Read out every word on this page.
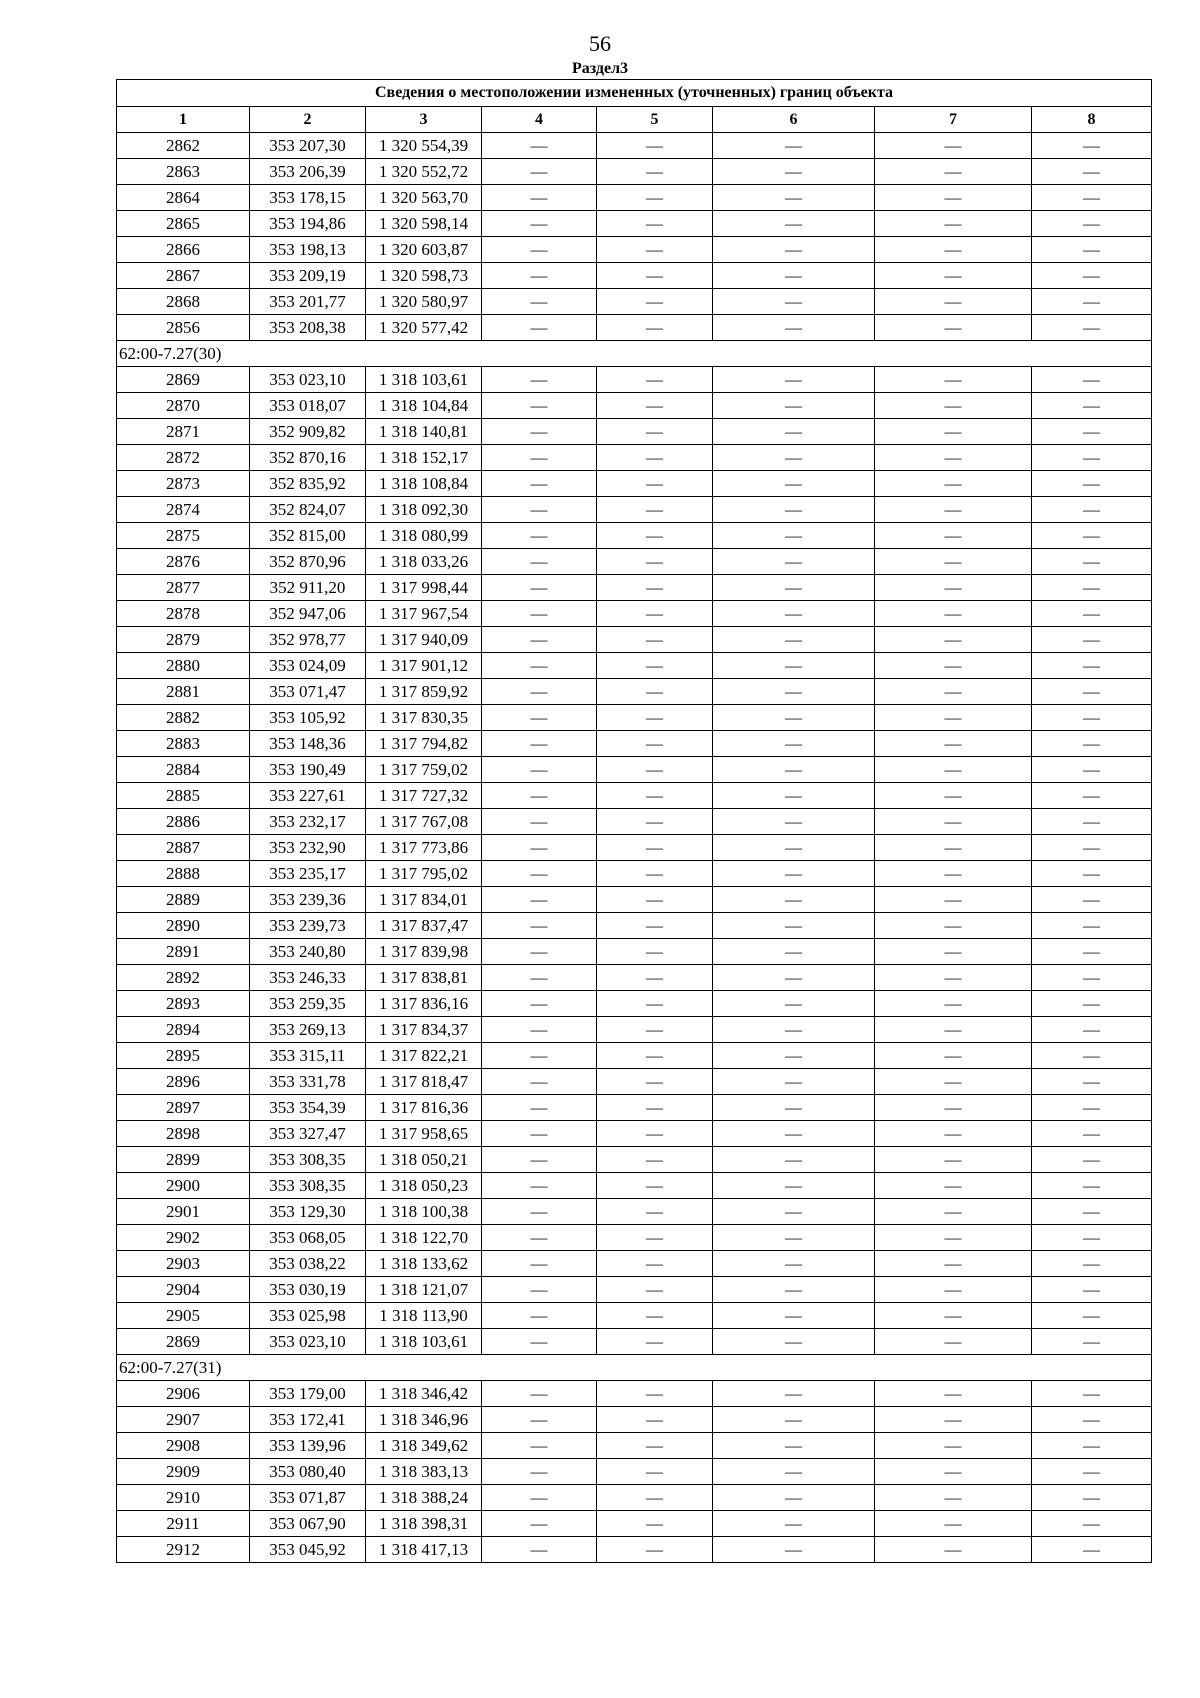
56
Раздел3
Сведения о местоположении измененных (уточненных) границ объекта							
1	2	3	4	5	6	7	8
2862	353 207,30	1 320 554,39	—	—	—	—	—
2863	353 206,39	1 320 552,72	—	—	—	—	—
2864	353 178,15	1 320 563,70	—	—	—	—	—
2865	353 194,86	1 320 598,14	—	—	—	—	—
2866	353 198,13	1 320 603,87	—	—	—	—	—
2867	353 209,19	1 320 598,73	—	—	—	—	—
2868	353 201,77	1 320 580,97	—	—	—	—	—
2856	353 208,38	1 320 577,42	—	—	—	—	—
62:00-7.27(30)							
2869	353 023,10	1 318 103,61	—	—	—	—	—
2870	353 018,07	1 318 104,84	—	—	—	—	—
2871	352 909,82	1 318 140,81	—	—	—	—	—
2872	352 870,16	1 318 152,17	—	—	—	—	—
2873	352 835,92	1 318 108,84	—	—	—	—	—
2874	352 824,07	1 318 092,30	—	—	—	—	—
2875	352 815,00	1 318 080,99	—	—	—	—	—
2876	352 870,96	1 318 033,26	—	—	—	—	—
2877	352 911,20	1 317 998,44	—	—	—	—	—
2878	352 947,06	1 317 967,54	—	—	—	—	—
2879	352 978,77	1 317 940,09	—	—	—	—	—
2880	353 024,09	1 317 901,12	—	—	—	—	—
2881	353 071,47	1 317 859,92	—	—	—	—	—
2882	353 105,92	1 317 830,35	—	—	—	—	—
2883	353 148,36	1 317 794,82	—	—	—	—	—
2884	353 190,49	1 317 759,02	—	—	—	—	—
2885	353 227,61	1 317 727,32	—	—	—	—	—
2886	353 232,17	1 317 767,08	—	—	—	—	—
2887	353 232,90	1 317 773,86	—	—	—	—	—
2888	353 235,17	1 317 795,02	—	—	—	—	—
2889	353 239,36	1 317 834,01	—	—	—	—	—
2890	353 239,73	1 317 837,47	—	—	—	—	—
2891	353 240,80	1 317 839,98	—	—	—	—	—
2892	353 246,33	1 317 838,81	—	—	—	—	—
2893	353 259,35	1 317 836,16	—	—	—	—	—
2894	353 269,13	1 317 834,37	—	—	—	—	—
2895	353 315,11	1 317 822,21	—	—	—	—	—
2896	353 331,78	1 317 818,47	—	—	—	—	—
2897	353 354,39	1 317 816,36	—	—	—	—	—
2898	353 327,47	1 317 958,65	—	—	—	—	—
2899	353 308,35	1 318 050,21	—	—	—	—	—
2900	353 308,35	1 318 050,23	—	—	—	—	—
2901	353 129,30	1 318 100,38	—	—	—	—	—
2902	353 068,05	1 318 122,70	—	—	—	—	—
2903	353 038,22	1 318 133,62	—	—	—	—	—
2904	353 030,19	1 318 121,07	—	—	—	—	—
2905	353 025,98	1 318 113,90	—	—	—	—	—
2869	353 023,10	1 318 103,61	—	—	—	—	—
62:00-7.27(31)							
2906	353 179,00	1 318 346,42	—	—	—	—	—
2907	353 172,41	1 318 346,96	—	—	—	—	—
2908	353 139,96	1 318 349,62	—	—	—	—	—
2909	353 080,40	1 318 383,13	—	—	—	—	—
2910	353 071,87	1 318 388,24	—	—	—	—	—
2911	353 067,90	1 318 398,31	—	—	—	—	—
2912	353 045,92	1 318 417,13	—	—	—	—	—
